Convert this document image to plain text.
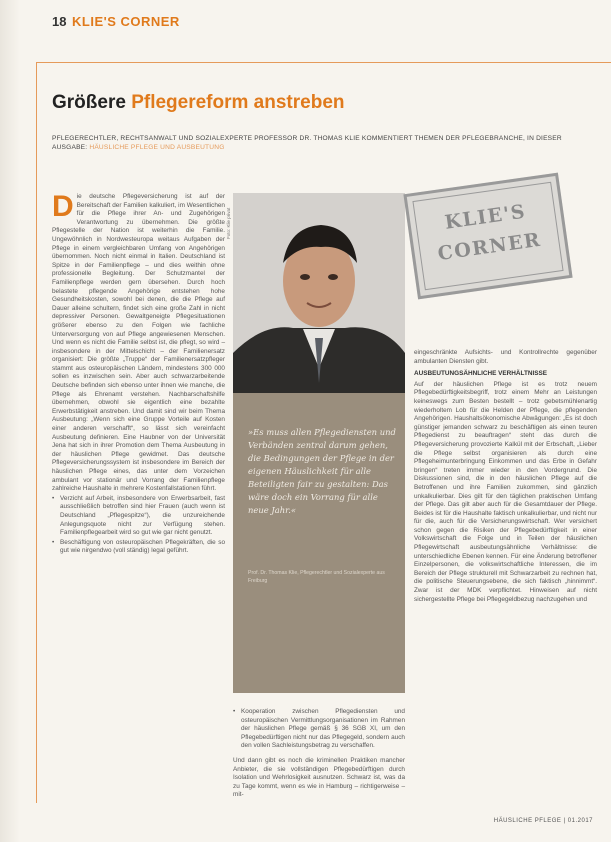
18 KLIE'S CORNER
Größere Pflegereform anstreben
PFLEGERECHTLER, RECHTSANWALT UND SOZIALEXPERTE PROFESSOR DR. THOMAS KLIE KOMMENTIERT THEMEN DER PFLEGEBRANCHE, IN DIESER AUSGABE: HÄUSLICHE PFLEGE UND AUSBEUTUNG
D ie deutsche Pflegeversicherung ist auf der Bereitschaft der Familien kalkuliert, im Wesentlichen für die Pflege ihrer An- und Zugehörigen Verantwortung zu übernehmen. Die größte Pflegestelle der Nation ist weiterhin die Familie. Ungewöhnlich in Nordwesteuropa weitaus Aufgaben der Pflege in einem vergleichbaren Umfang von Angehörigen übernommen. Noch nicht einmal in Italien. Deutschland ist Spitze in der Familienpflege – und dies weithin ohne professionelle Begleitung. Der Schutzmantel der Familienpflege werden gern übersehen. Durch hoch belastete pflegende Angehörige entstehen hohe Gesundheitskosten, sowohl bei denen, die die Pflege auf Dauer alleine schultern, findet sich eine große Zahl in nicht depressiver Personen. Gewaltgeneigte Pflegesituationen größerer ebenso zu den Folgen wie fachliche Unterversorgung von auf Pflege angewiesenen Menschen. Und wenn es nicht die Familie selbst ist, die pflegt, so wird – insbesondere in der Mittelschicht – der Familienersatz organisiert: Die größte „Truppe“ der Familienersatzpfleger stammt aus osteuropäischen Ländern, mindestens 300 000 sollen es inzwischen sein. Aber auch schwarzarbeitende Deutsche befinden sich ebenso unter ihnen wie manche, die Pflege als Ehrenamt verstehen. Nachbarschaftshilfe übernehmen, obwohl sie eigentlich eine bezahlte Erwerbstätigkeit anstreben. Und damit sind wir beim Thema Ausbeutung: „Wenn sich eine Gruppe Vorteile auf Kosten einer anderen verschafft“, so lässt sich vereinfacht Ausbeutung definieren. Eine Haubner von der Universität Jena hat sich in ihrer Promotion dem Thema Ausbeutung in der häuslichen Pflege gewidmet. Das deutsche Pflegeversicherungssystem ist insbesondere im Bereich der häuslichen Pflege eines, das unter dem Vorzeichen ambulant vor stationär und Vorrang der Familienpflege zahlreiche Haushalte in mehrere Kostenfallstationen führt.

• Verzicht auf Arbeit, insbesondere von Erwerbsarbeit, fast ausschließlich betroffen sind hier Frauen (auch wenn ist Deutschland „Pflegespitze“), die unzureichende Anlegungsquote nicht zur Verfügung stehen. Familienpflegearbeit wird so gut wie gar nicht genutzt.

• Beschäftigung von osteuropäischen Pflegekräften, die so gut wie nirgendwo (voll ständig) legal geführt.

Foto: Klie privat
»Es muss allen Pflegediensten und Verbänden zentral darum gehen, die Bedingungen der Pflege in der eigenen Häuslichkeit für alle Beteiligten fair zu gestalten: Das wäre doch ein Vorrang für alle neue Jahr.«
Prof. Dr. Thomas Klie, Pflegerechtler und Sozialexperte aus Freiburg
KLIE'S
CORNER

• Kooperation zwischen Pflegediensten und osteuropäischen Vermittlungsorganisationen im Rahmen der häuslichen Pflege gemäß § 36 SGB XI, um den Pflegebedürftigen nicht nur das Pflegegeld, sondern auch den vollen Sachleistungsbetrag zu verschaffen.

Und dann gibt es noch die kriminellen Praktiken mancher Anbieter, die sie vollständigen Pflegebedürftigen durch Isolation und Wehrlosigkeit ausnutzen. Schwarz ist, was da zu Tage kommt, wenn es wie in Hamburg – richtigerweise – mit-

eingeschränkte Aufsichts- und Kontrollrechte gegenüber ambulanten Diensten gibt.

AUSBEUTUNGSÄHNLICHE VERHÄLTNISSE

Auf der häuslichen Pflege ist es trotz neuem Pflegebedürftigkeitsbegriff, trotz einem Mehr an Leistungen keineswegs zum Besten bestellt – trotz gebetsmühlenartig wiederholtem Lob für die Helden der Pflege, die pflegenden Angehörigen. Haushaltsökonomische Abwägungen: „Es ist doch günstiger jemanden schwarz zu beschäftigen als einen teuren Pflegedienst zu beauftragen“ steht das durch die Pflegeversicherung provozierte Kalkül mit der Erbschaft, „Lieber die Pflege selbst organisieren als durch eine Pflegeheimunterbringung Einkommen und das Erbe in Gefahr bringen“ treten immer wieder in den Vordergrund. Die Diskussionen sind, die in den häuslichen Pflege auf die Betroffenen und ihre Familien zukommen, sind gänzlich unkalkulierbar. Dies gilt für den täglichen praktischen Umfang der Pflege. Das gilt aber auch für die Gesamtdauer der Pflege. Beides ist für die Haushalte faktisch unkalkulierbar, und nicht nur für die, auch für die Versicherungswirtschaft. Wer versichert schon gegen die Risiken der Pflegebedürftigkeit in einer Volkswirtschaft die Folge und in Teilen der häuslichen Pflegewirtschaft ausbeutungsähnliche Verhältnisse: die unterschiedliche Ebenen kennen. Für eine Änderung betroffener Einzelpersonen, die volkswirtschaftliche Interessen, die im Bereich der Pflege strukturell mit Schwarzarbeit zu rechnen hat, die politische Steuerungsebene, die sich faktisch „hinnimmt“. Zwar ist der MDK verpflichtet. Hinweisen auf nicht sichergestellte Pflege bei Pflegegeldbezug nachzugehen und

HÄUSLICHE PFLEGE | 01.2017
